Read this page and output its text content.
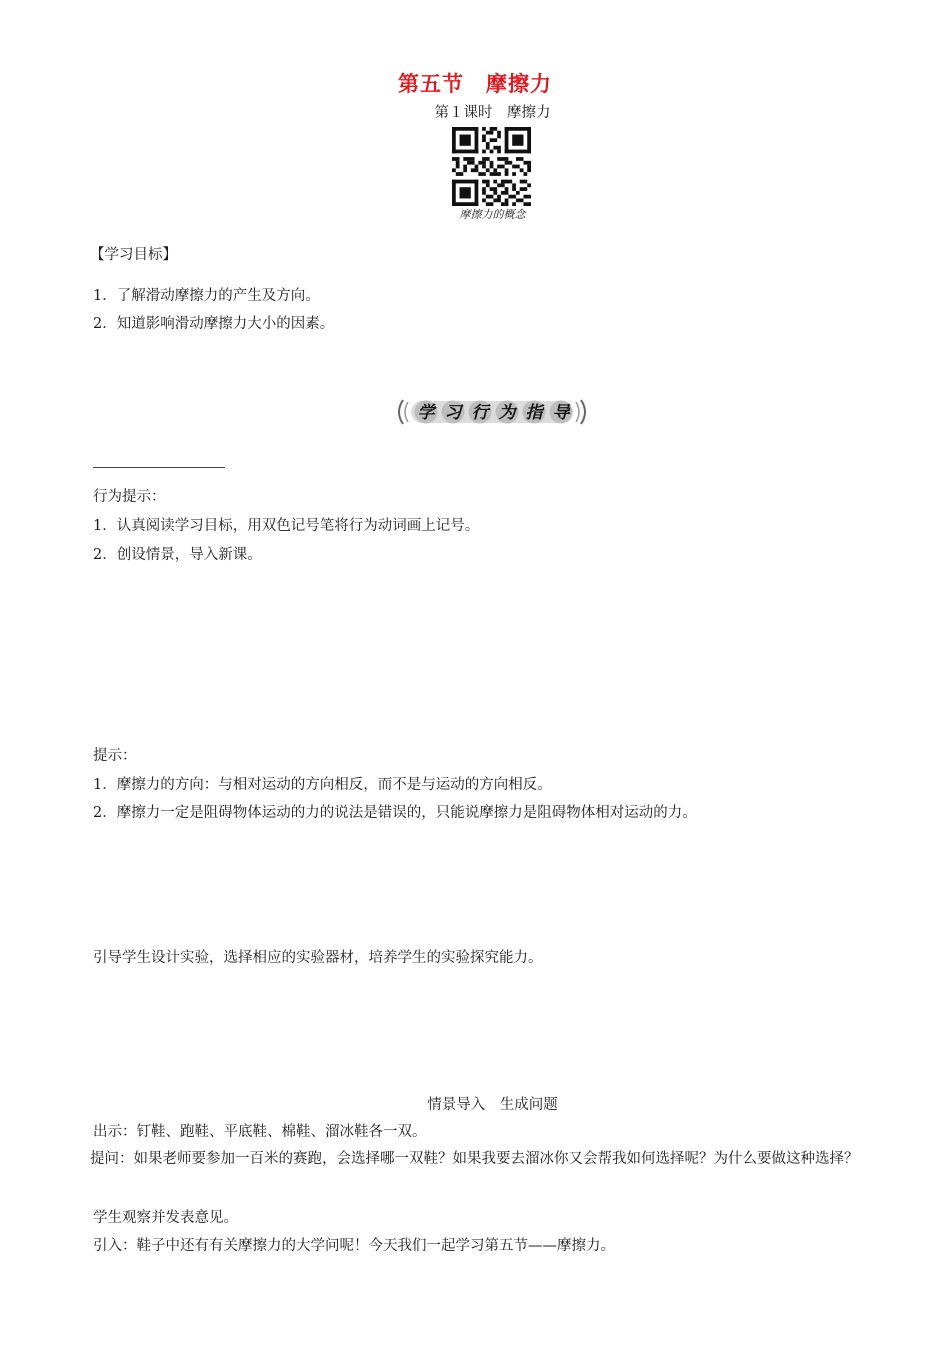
第五节　摩擦力
第１课时　摩擦力
摩擦力的概念
【学习目标】
1．了解滑动摩擦力的产生及方向。
2．知道影响滑动摩擦力大小的因素。
学 习 行 为 指 导
行为提示：
1．认真阅读学习目标，用双色记号笔将行为动词画上记号。
2．创设情景，导入新课。
提示：
1．摩擦力的方向：与相对运动的方向相反，而不是与运动的方向相反。
2．摩擦力一定是阻碍物体运动的力的说法是错误的，只能说摩擦力是阻碍物体相对运动的力。
引导学生设计实验，选择相应的实验器材，培养学生的实验探究能力。
情景导入　生成问题
出示：钉鞋、跑鞋、平底鞋、棉鞋、溜冰鞋各一双。
提问：如果老师要参加一百米的赛跑，会选择哪一双鞋？如果我要去溜冰你又会帮我如何选择呢？为什么要做这种选择？
学生观察并发表意见。
引入：鞋子中还有有关摩擦力的大学问呢！今天我们一起学习第五节——摩擦力。
